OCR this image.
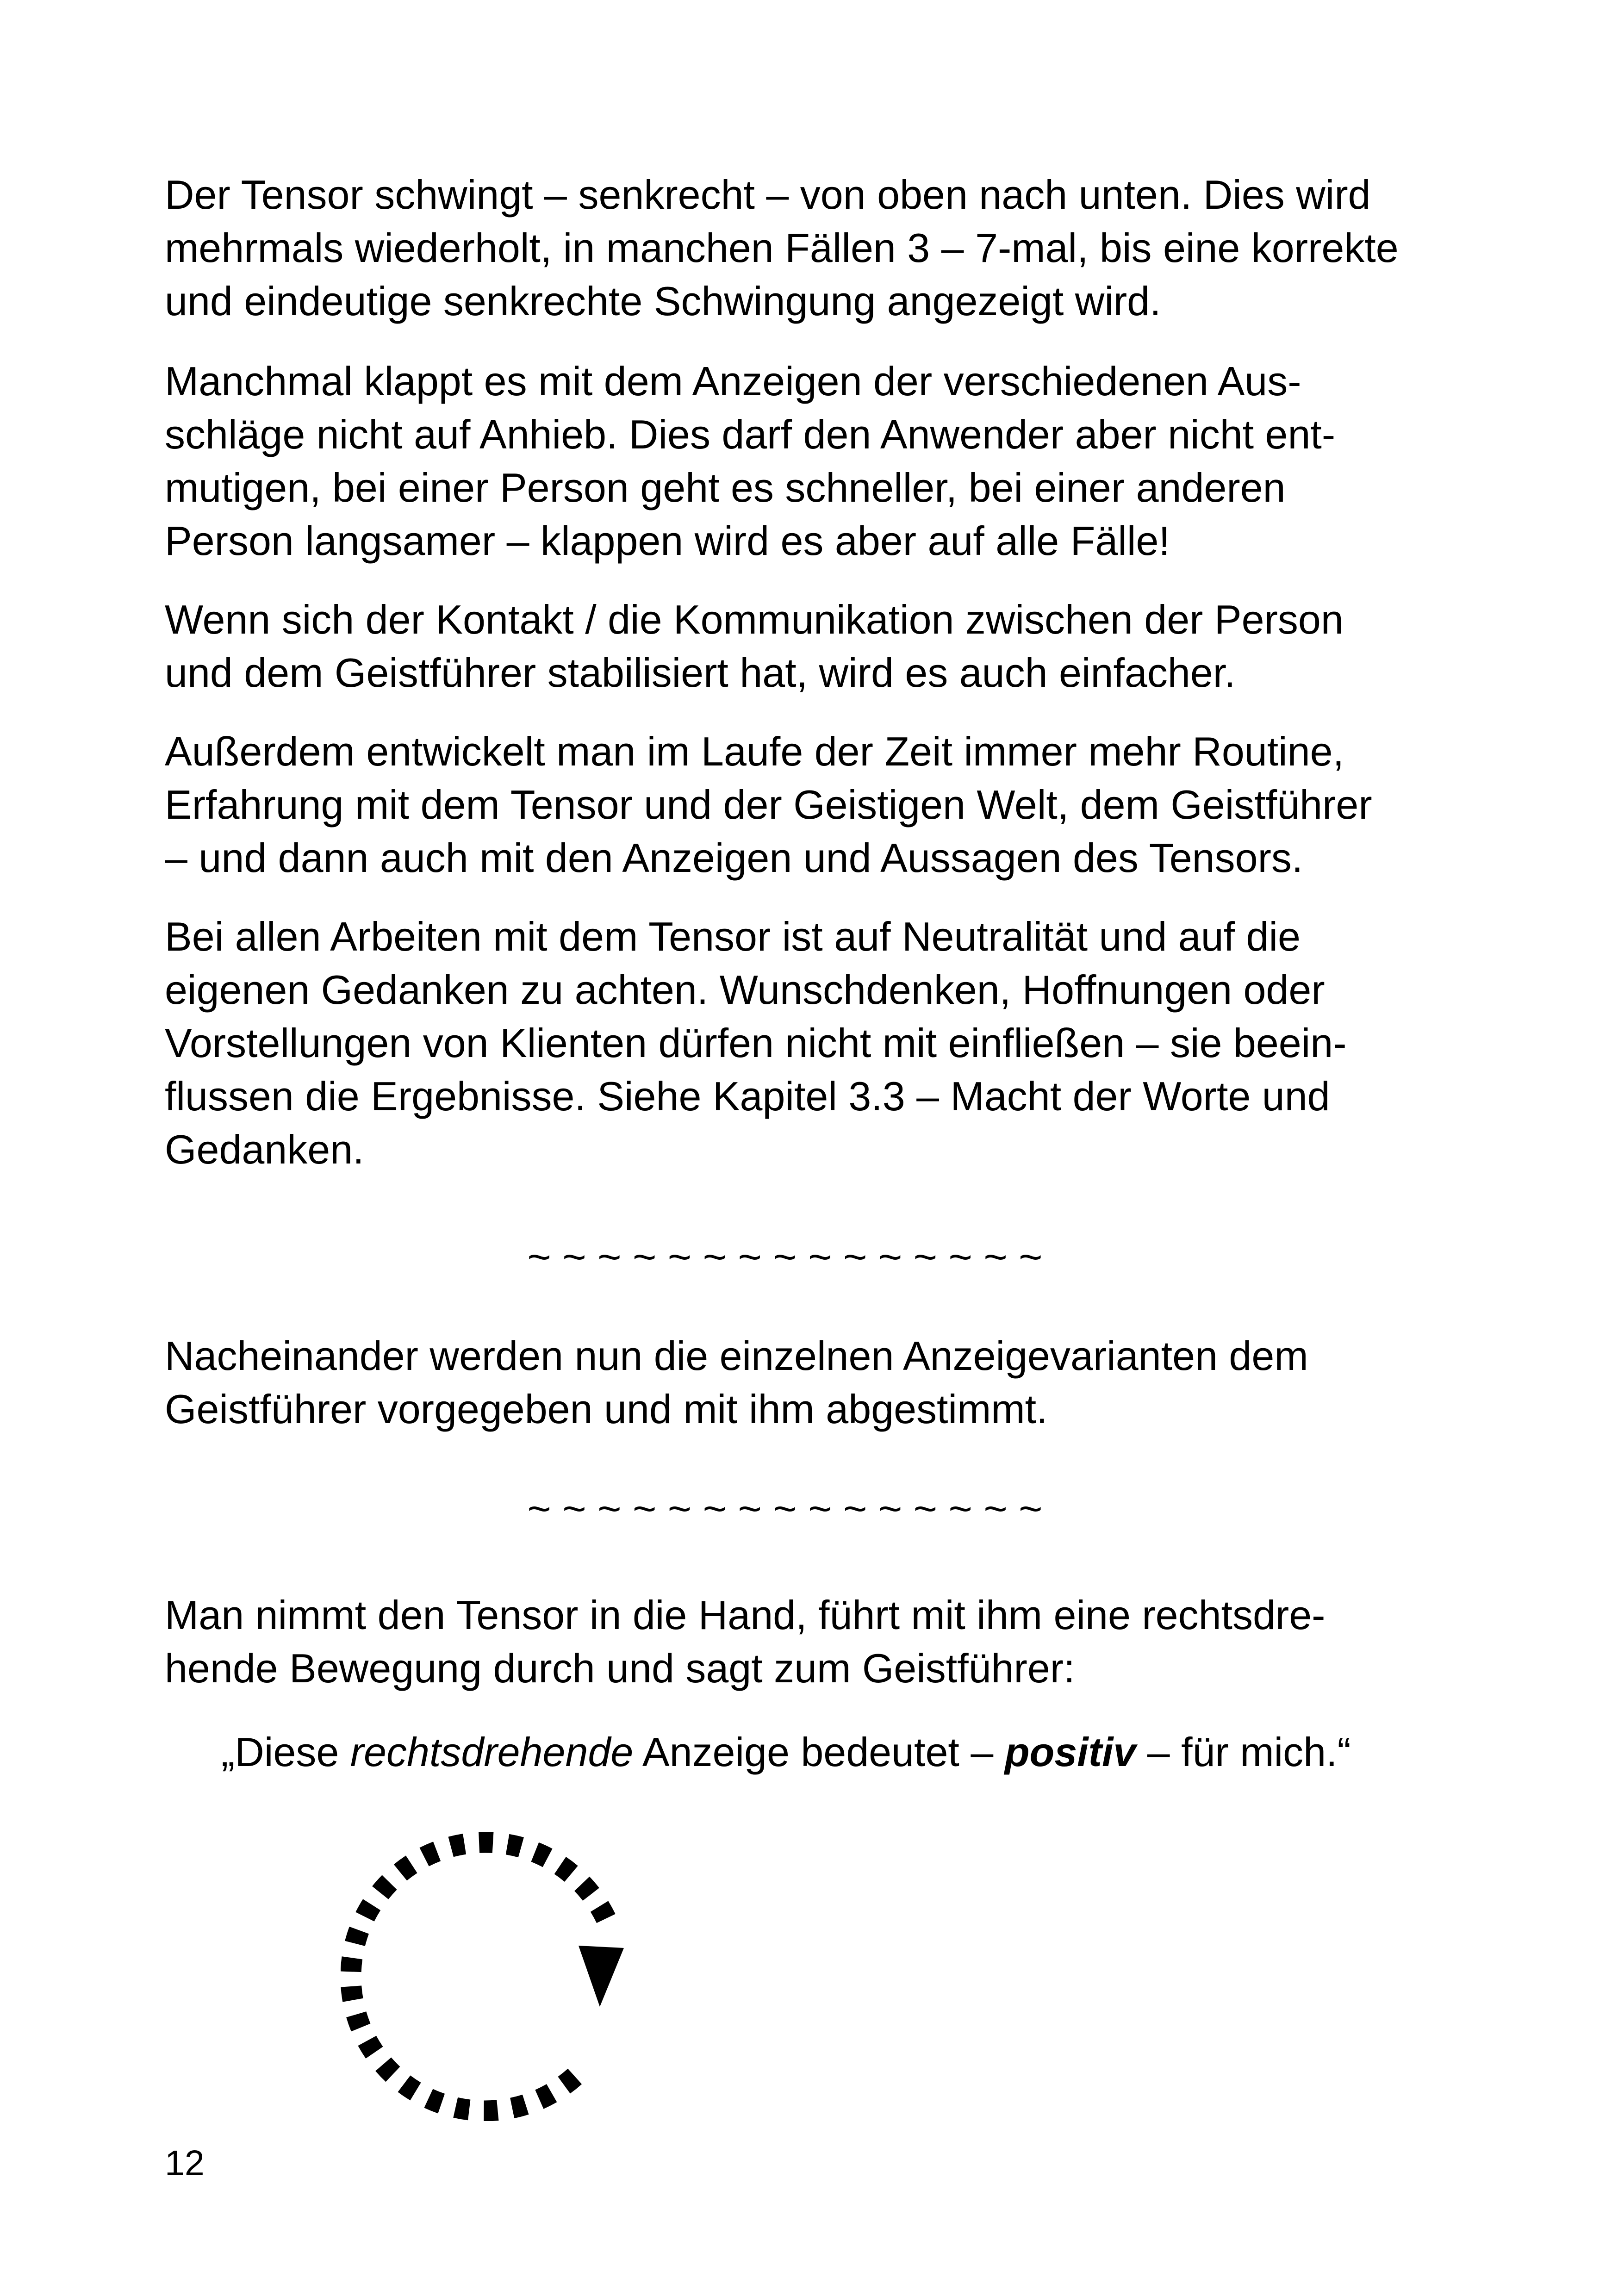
Der Tensor schwingt – senkrecht – von oben nach unten. Dies wird
mehrmals wiederholt, in manchen Fällen 3 – 7-mal, bis eine korrekte
und eindeutige senkrechte Schwingung angezeigt wird.
Manchmal klappt es mit dem Anzeigen der verschiedenen Aus-
schläge nicht auf Anhieb. Dies darf den Anwender aber nicht ent-
mutigen, bei einer Person geht es schneller, bei einer anderen
Person langsamer – klappen wird es aber auf alle Fälle!
Wenn sich der Kontakt / die Kommunikation zwischen der Person
und dem Geistführer stabilisiert hat, wird es auch einfacher.
Außerdem entwickelt man im Laufe der Zeit immer mehr Routine,
Erfahrung mit dem Tensor und der Geistigen Welt, dem Geistführer
– und dann auch mit den Anzeigen und Aussagen des Tensors.
Bei allen Arbeiten mit dem Tensor ist auf Neutralität und auf die
eigenen Gedanken zu achten. Wunschdenken, Hoffnungen oder
Vorstellungen von Klienten dürfen nicht mit einfließen – sie beein-
flussen die Ergebnisse. Siehe Kapitel 3.3 – Macht der Worte und
Gedanken.
~ ~ ~ ~ ~ ~ ~ ~ ~ ~ ~ ~ ~ ~ ~
Nacheinander werden nun die einzelnen Anzeigevarianten dem
Geistführer vorgegeben und mit ihm abgestimmt.
~ ~ ~ ~ ~ ~ ~ ~ ~ ~ ~ ~ ~ ~ ~
Man nimmt den Tensor in die Hand, führt mit ihm eine rechtsdre-
hende Bewegung durch und sagt zum Geistführer:
„Diese rechtsdrehende Anzeige bedeutet – positiv – für mich.“
12
